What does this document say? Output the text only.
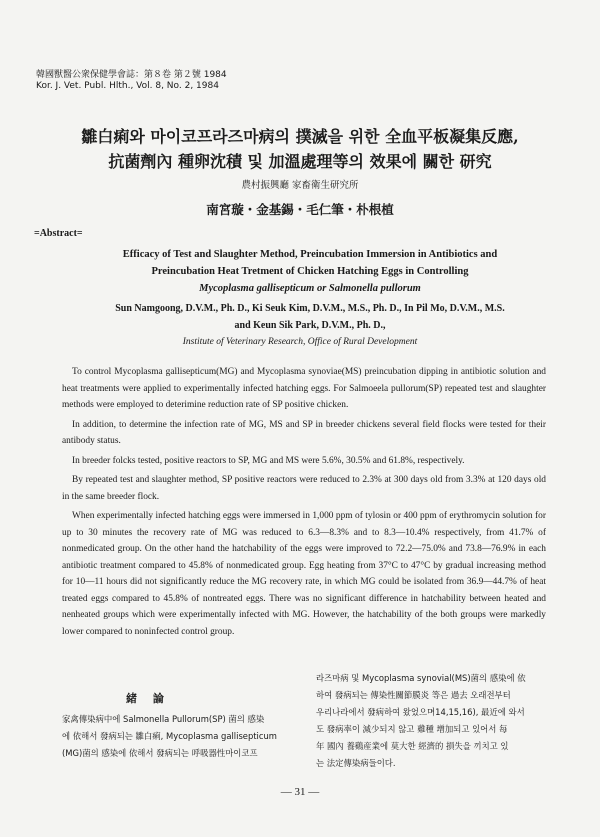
韓國獸醫公衆保健學會誌：第８卷 第２號 1984
Kor. J. Vet. Publ. Hlth., Vol. 8, No. 2, 1984
雛白痢와 마이코프라즈마病의 撲滅을 위한 全血平板凝集反應,
抗菌劑內 種卵沈積 및 加溫處理等의 效果에 關한 研究
農村振興廳 家畜衛生研究所
南宮璇・金基錫・毛仁筆・朴根植
=Abstract=
Efficacy of Test and Slaughter Method, Preincubation Immersion in Antibiotics and
Preincubation Heat Tretment of Chicken Hatching Eggs in Controlling
Mycoplasma gallisepticum or Salmonella pullorum
Sun Namgoong, D.V.M., Ph. D., Ki Seuk Kim, D.V.M., M.S., Ph. D., In Pil Mo, D.V.M., M.S.
and Keun Sik Park, D.V.M., Ph. D.,
Institute of Veterinary Research, Office of Rural Development

To control Mycoplasma gallisepticum(MG) and Mycoplasma synoviae(MS) preincubation dipping in antibiotic solution and heat treatments were applied to experimentally infected hatching eggs. For Salmoeela pullorum(SP) repeated test and slaughter methods were employed to deterimine reduction rate of SP positive chicken.

In addition, to determine the infection rate of MG, MS and SP in breeder chickens several field flocks were tested for their antibody status.

In breeder folcks tested, positive reactors to SP, MG and MS were 5.6%, 30.5% and 61.8%, respectively.

By repeated test and slaughter method, SP positive reactors were reduced to 2.3% at 300 days old from 3.3% at 120 days old in the same breeder flock.

When experimentally infected hatching eggs were immersed in 1,000 ppm of tylosin or 400 ppm of erythromycin solution for up to 30 minutes the recovery rate of MG was reduced to 6.3—8.3% and to 8.3—10.4% respectively, from 41.7% of nonmedicated group. On the other hand the hatchability of the eggs were improved to 72.2—75.0% and 73.8—76.9% in each antibiotic treatment compared to 45.8% of nonmedicated group. Egg heating from 37°C to 47°C by gradual increasing method for 10—11 hours did not significantly reduce the MG recovery rate, in which MG could be isolated from 36.9—44.7% of heat treated eggs compared to 45.8% of nontreated eggs. There was no significant difference in hatchability between heated and nenheated groups which were experimentally infected with MG. However, the hatchability of the both groups were markedly lower compared to noninfected control group.

緒 論
家禽傳染病中에 Salmonella Pullorum(SP) 菌의 感染
에 依해서 發病되는 雛白痢, Mycoplasma gallisepticum
(MG)菌의 感染에 依해서 發病되는 呼吸器性마이코프
라즈마病 및 Mycoplasma synovial(MS)菌의 感染에 依
하여 發病되는 傳染性關節膜炎 等은 過去 오래전부터
우리나라에서 發病하여 왔었으며14,15,16), 最近에 와서
도 發病率이 減少되지 않고 雞種 增加되고 있어서 每
年 國內 養鷄産業에 莫大한 經濟的 損失을 끼치고 있
는 法定傳染病들이다.
— 31 —
